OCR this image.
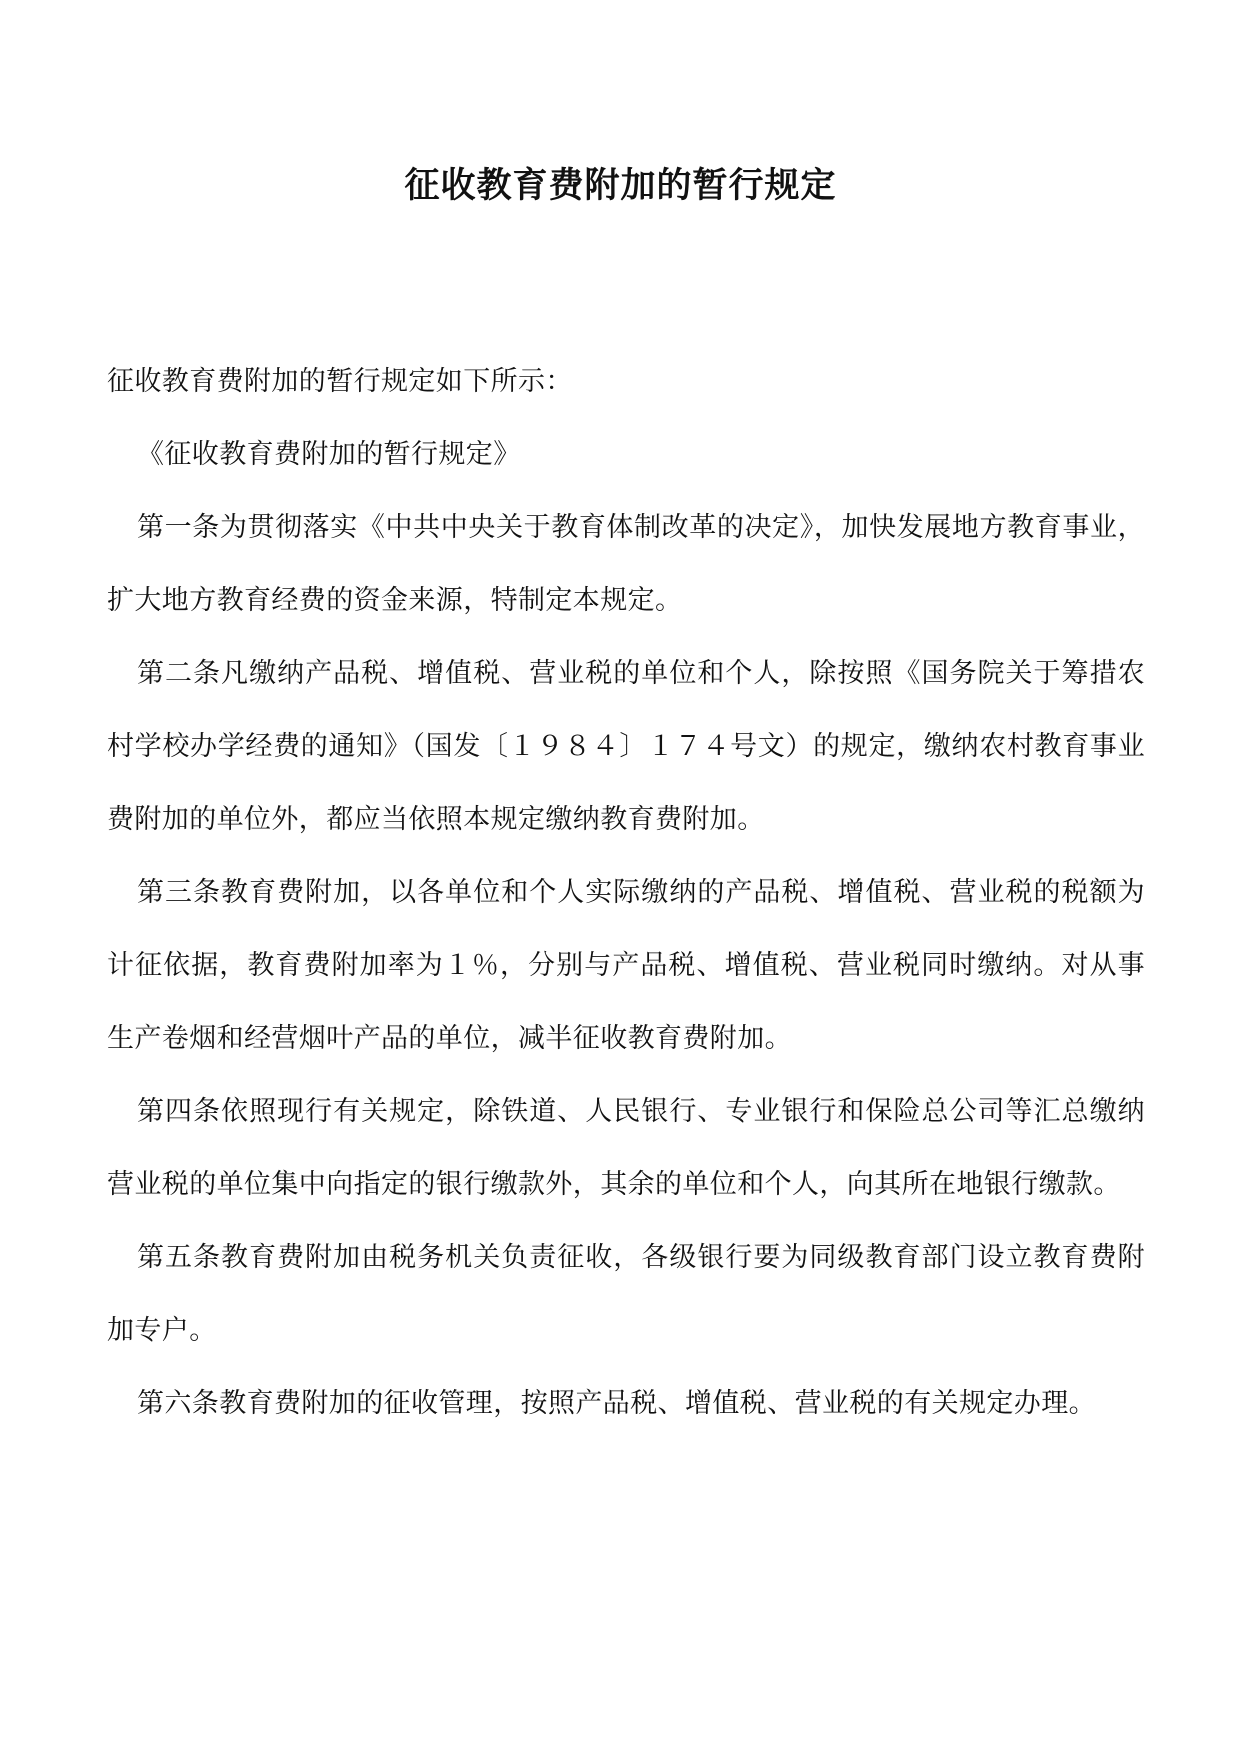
征收教育费附加的暂行规定

征收教育费附加的暂行规定如下所示：

《征收教育费附加的暂行规定》

第一条为贯彻落实《中共中央关于教育体制改革的决定》，加快发展地方教育事业，扩大地方教育经费的资金来源，特制定本规定。

第二条凡缴纳产品税、增值税、营业税的单位和个人，除按照《国务院关于筹措农村学校办学经费的通知》（国发〔１９８４〕１７４号文）的规定，缴纳农村教育事业费附加的单位外，都应当依照本规定缴纳教育费附加。

第三条教育费附加，以各单位和个人实际缴纳的产品税、增值税、营业税的税额为计征依据，教育费附加率为１％，分别与产品税、增值税、营业税同时缴纳。对从事生产卷烟和经营烟叶产品的单位，减半征收教育费附加。

第四条依照现行有关规定，除铁道、人民银行、专业银行和保险总公司等汇总缴纳营业税的单位集中向指定的银行缴款外，其余的单位和个人，向其所在地银行缴款。

第五条教育费附加由税务机关负责征收，各级银行要为同级教育部门设立教育费附加专户。

第六条教育费附加的征收管理，按照产品税、增值税、营业税的有关规定办理。
